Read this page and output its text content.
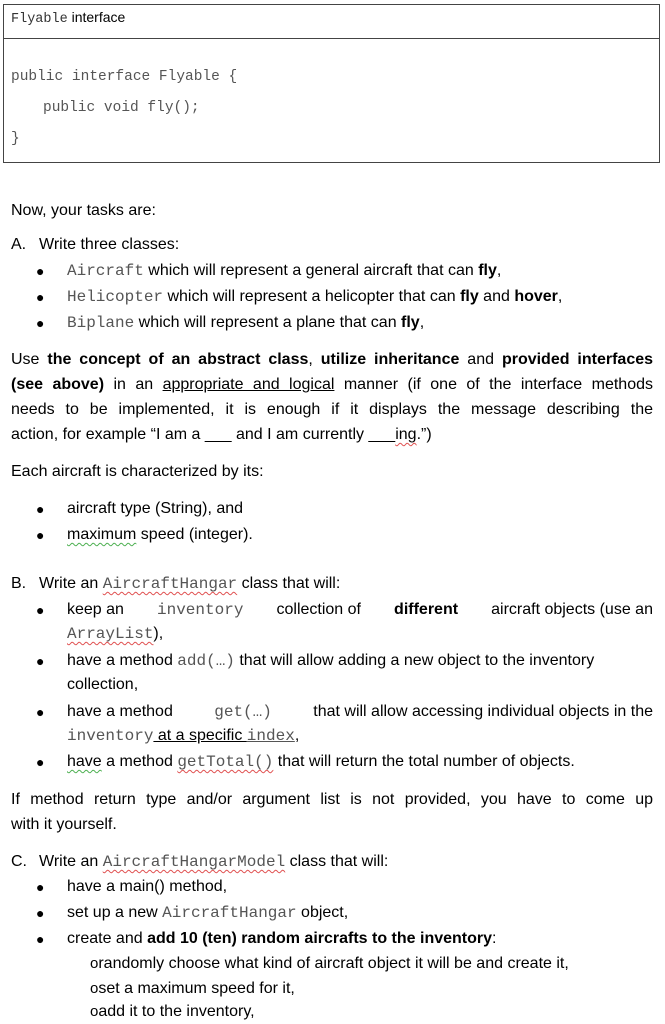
Flyable interface
public interface Flyable {
public void fly();
}
Now, your tasks are:
A. Write three classes:
● Aircraft which will represent a general aircraft that can fly,
● Helicopter which will represent a helicopter that can fly and hover,
● Biplane which will represent a plane that can fly,
Use the concept of an abstract class, utilize inheritance and provided interfaces
(see above) in an appropriate and logical manner (if one of the interface methods
needs to be implemented, it is enough if it displays the message describing the
action, for example “I am a ___ and I am currently ___ing.”)
Each aircraft is characterized by its:
● aircraft type (String), and
● maximum speed (integer).
B. Write an AircraftHangar class that will:
● keep an inventory collection of different aircraft objects (use an
ArrayList),
● have a method add(…) that will allow adding a new object to the inventory
collection,
● have a method	get(…)	that will allow accessing individual objects in the
inventory at a specific index,
● have a method getTotal() that will return the total number of objects.
If method return type and/or argument list is not provided, you have to come up
with it yourself.
C. Write an AircraftHangarModel class that will:
● have a main() method,
● set up a new AircraftHangar object,
● create and add 10 (ten) random aircrafts to the inventory:
orandomly choose what kind of aircraft object it will be and create it,
oset a maximum speed for it,
oadd it to the inventory,
